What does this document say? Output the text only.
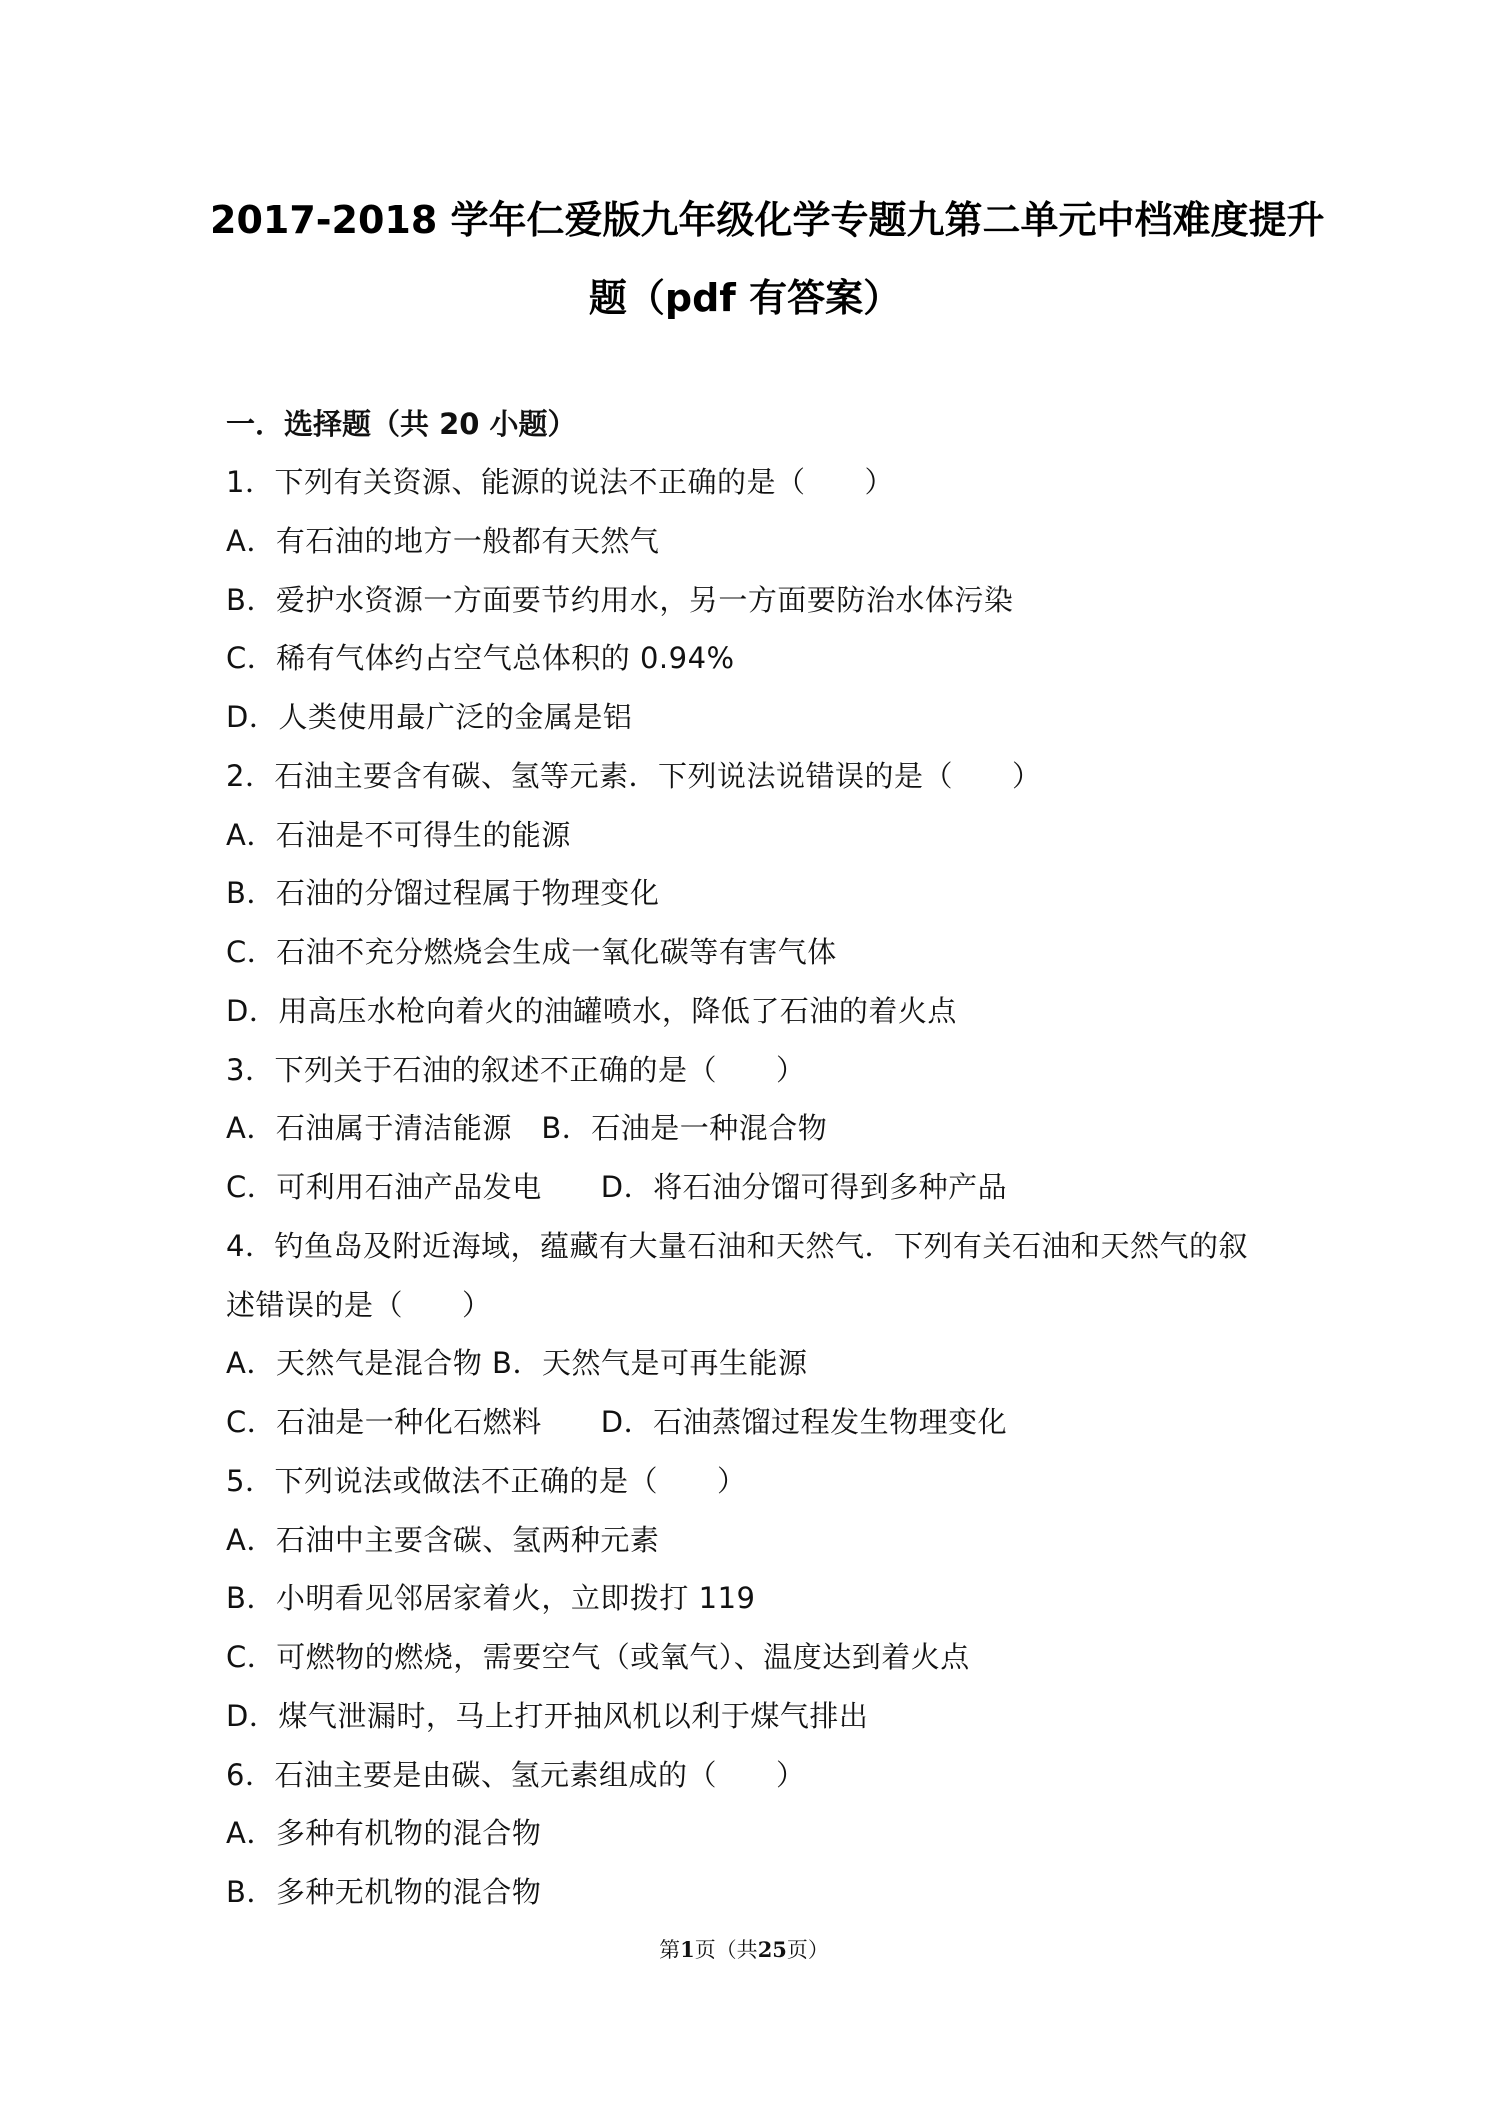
2017-2018 学年仁爱版九年级化学专题九第二单元中档难度提升
题（pdf 有答案）
一．选择题（共 20 小题）
1．下列有关资源、能源的说法不正确的是（　　）
A．有石油的地方一般都有天然气
B．爱护水资源一方面要节约用水，另一方面要防治水体污染
C．稀有气体约占空气总体积的 0.94%
D．人类使用最广泛的金属是铝
2．石油主要含有碳、氢等元素．下列说法说错误的是（　　）
A．石油是不可得生的能源
B．石油的分馏过程属于物理变化
C．石油不充分燃烧会生成一氧化碳等有害气体
D．用高压水枪向着火的油罐喷水，降低了石油的着火点
3．下列关于石油的叙述不正确的是（　　）
A．石油属于清洁能源　B．石油是一种混合物
C．可利用石油产品发电　　D．将石油分馏可得到多种产品
4．钓鱼岛及附近海域，蕴藏有大量石油和天然气．下列有关石油和天然气的叙
述错误的是（　　）
A．天然气是混合物 B．天然气是可再生能源
C．石油是一种化石燃料　　D．石油蒸馏过程发生物理变化
5．下列说法或做法不正确的是（　　）
A．石油中主要含碳、氢两种元素
B．小明看见邻居家着火，立即拨打 119
C．可燃物的燃烧，需要空气（或氧气）、温度达到着火点
D．煤气泄漏时，马上打开抽风机以利于煤气排出
6．石油主要是由碳、氢元素组成的（　　）
A．多种有机物的混合物
B．多种无机物的混合物
第1页（共25页）
